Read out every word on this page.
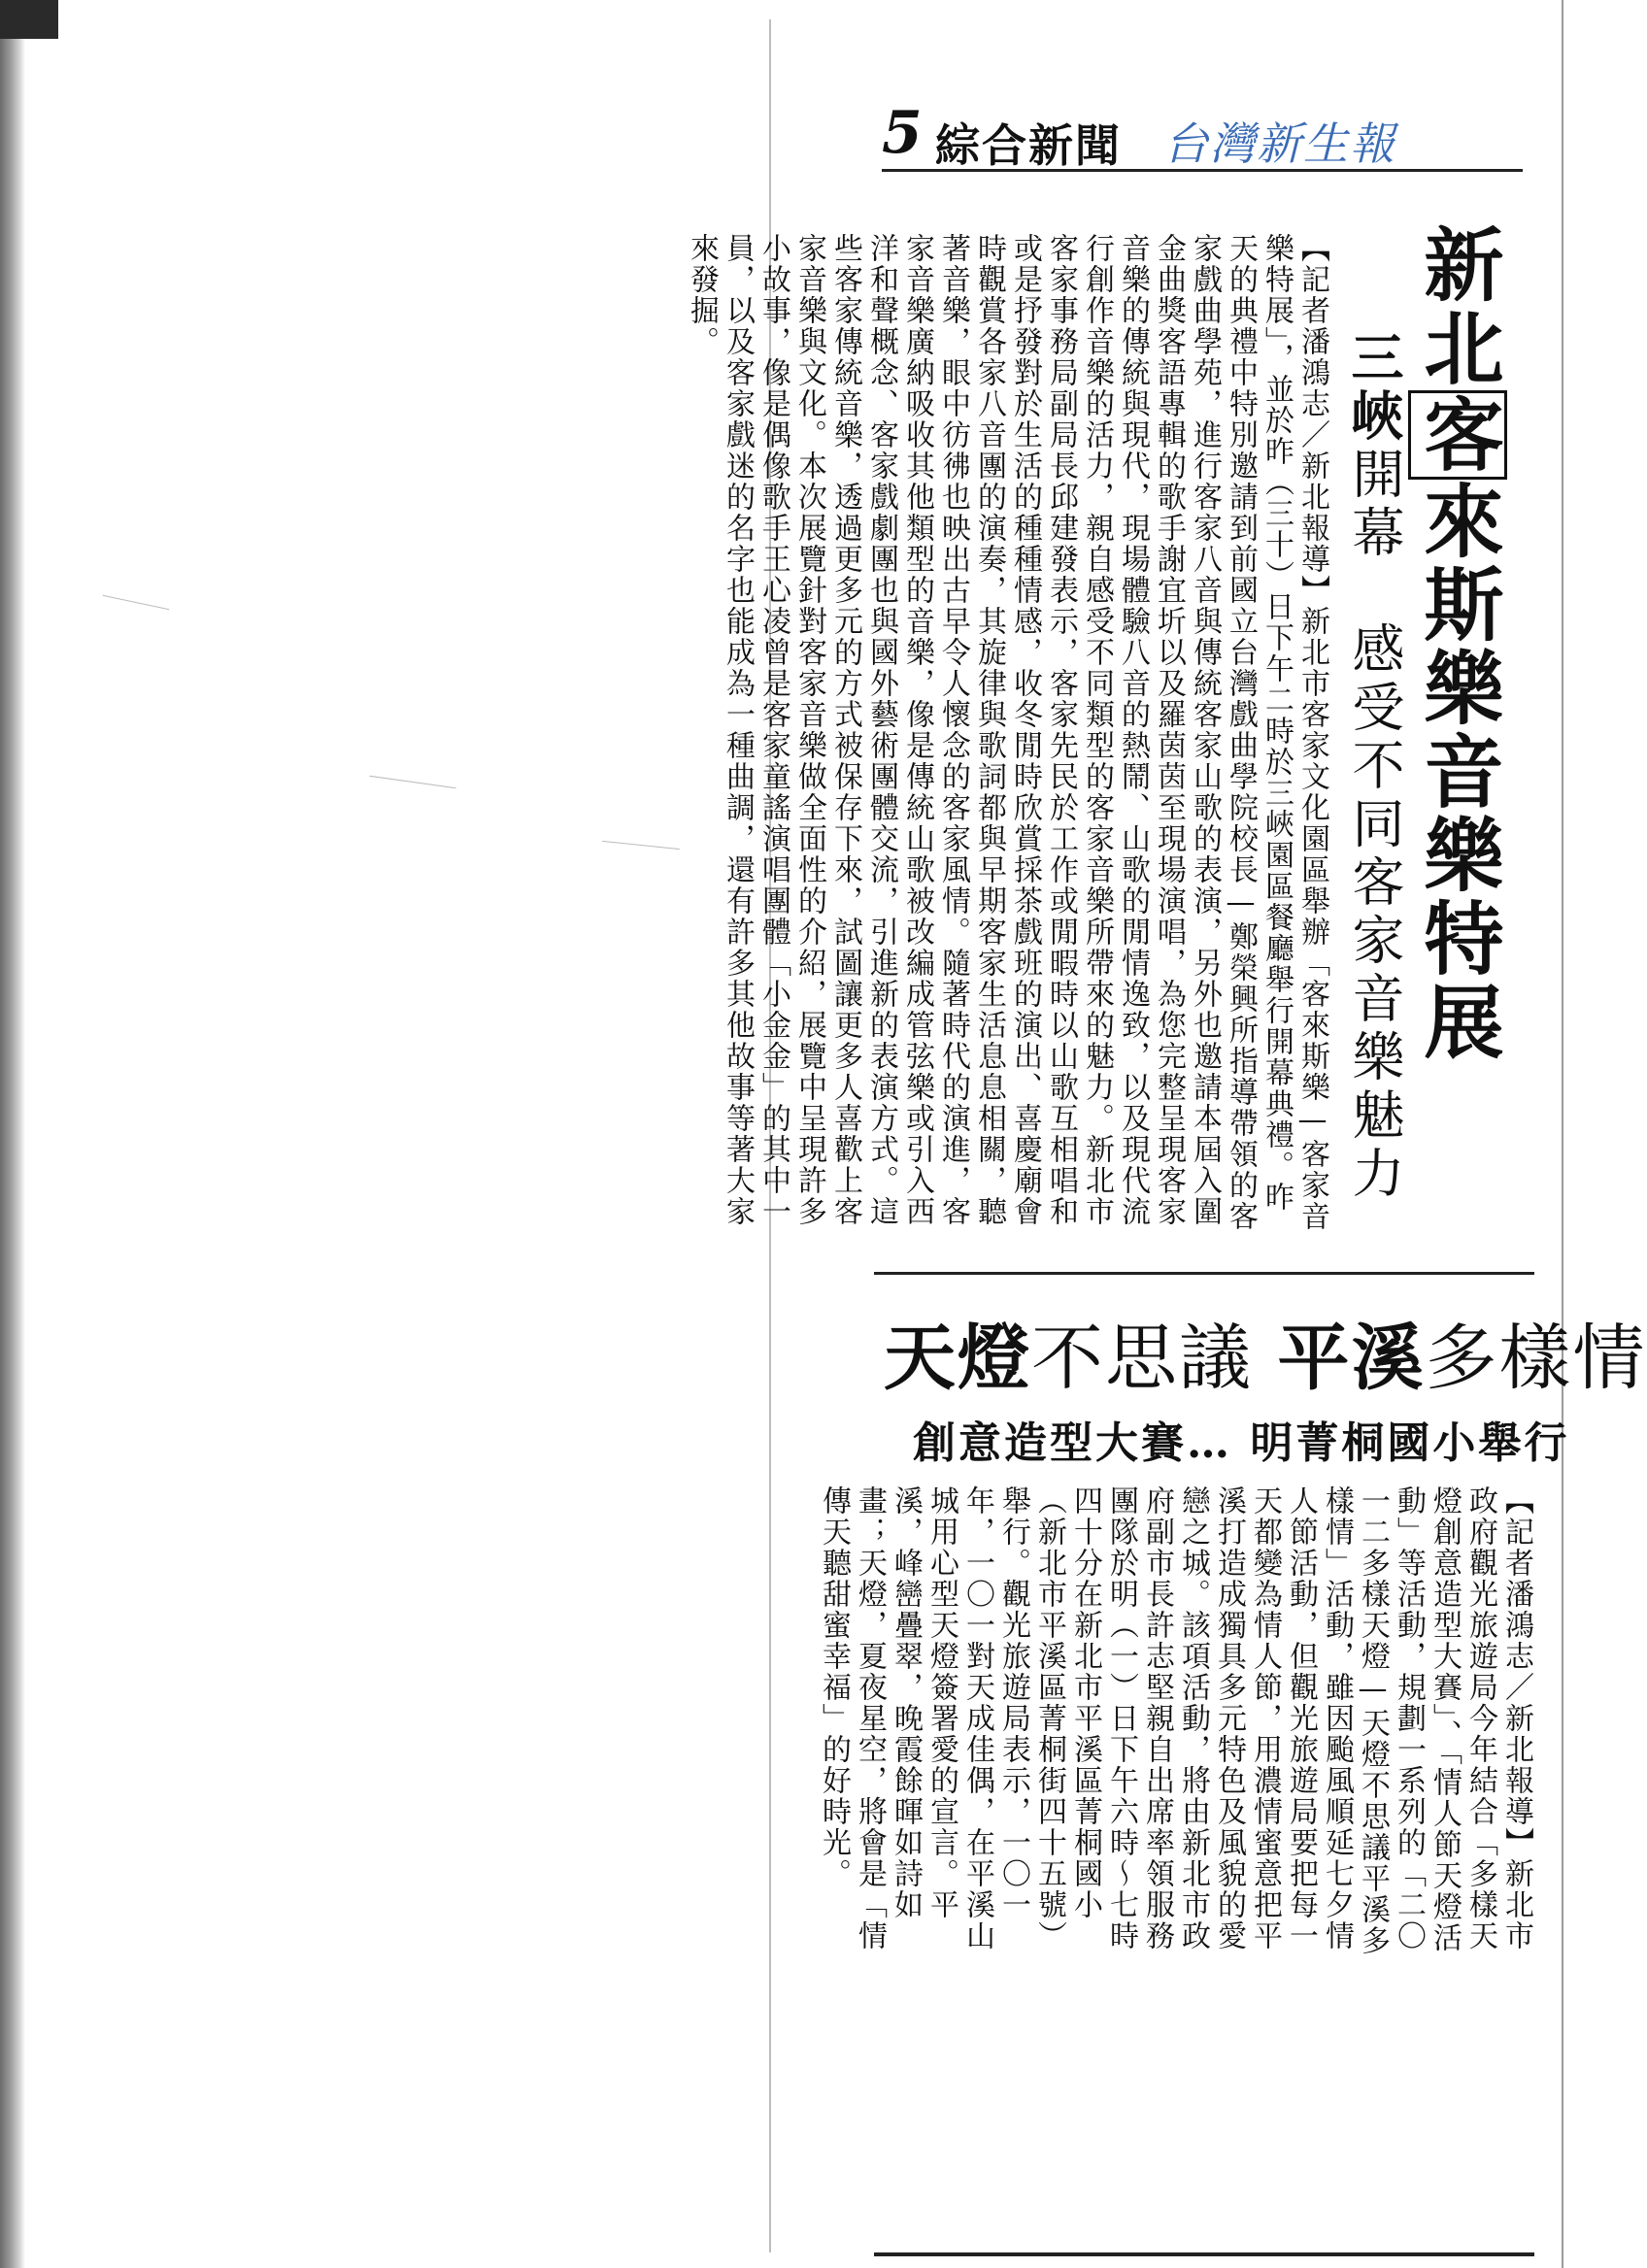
5 綜合新聞 台灣新生報
新北客來斯樂音樂特展
三峽開幕　感受不同客家音樂魅力
【記者潘鴻志／新北報導】新北市客家文化園區舉辦「客來斯樂—客家音樂特展」，並於昨（三十）日下午二時於三峽園區餐廳舉行開幕典禮。昨天的典禮中特別邀請到前國立台灣戲曲學院校長—鄭榮興所指導帶領的客家戲曲學苑，進行客家八音與傳統客家山歌的表演，另外也邀請本屆入圍金曲獎客語專輯的歌手謝宜圻以及羅茵茵至現場演唱，為您完整呈現客家音樂的傳統與現代，現場體驗八音的熱鬧、山歌的閒情逸致，以及現代流行創作音樂的活力，親自感受不同類型的客家音樂所帶來的魅力。新北市客家事務局副局長邱建發表示，客家先民於工作或閒暇時以山歌互相唱和或是抒發對於生活的種種情感，收冬閒時欣賞採茶戲班的演出、喜慶廟會時觀賞各家八音團的演奏，其旋律與歌詞都與早期客家生活息息相關，聽著音樂，眼中彷彿也映出古早令人懷念的客家風情。隨著時代的演進，客家音樂廣納吸收其他類型的音樂，像是傳統山歌被改編成管弦樂或引入西洋和聲概念、客家戲劇團也與國外藝術團體交流，引進新的表演方式。這些客家傳統音樂，透過更多元的方式被保存下來，試圖讓更多人喜歡上客家音樂與文化。本次展覽針對客家音樂做全面性的介紹，展覽中呈現許多小故事，像是偶像歌手王心凌曾是客家童謠演唱團體「小金金」的其中一員，以及客家戲迷的名字也能成為一種曲調，還有許多其他故事等著大家來發掘。
天燈不思議 平溪多樣情
創意造型大賽… 明菁桐國小舉行
【記者潘鴻志／新北報導】新北市政府觀光旅遊局今年結合「多樣天燈創意造型大賽」、「情人節天燈活動」等活動，規劃一系列的「二〇一二多樣天燈—天燈不思議平溪多樣情」活動，雖因颱風順延七夕情人節活動，但觀光旅遊局要把每一天都變為情人節，用濃情蜜意把平溪打造成獨具多元特色及風貌的愛戀之城。該項活動，將由新北市政府副市長許志堅親自出席率領服務團隊於明（一）日下午六時～七時四十分在新北市平溪區菁桐國小（新北市平溪區菁桐街四十五號）舉行。觀光旅遊局表示，一〇一年，一〇一對天成佳偶，在平溪山城用心型天燈簽署愛的宣言。平溪，峰巒疊翠，晚霞餘暉如詩如畫；天燈，夏夜星空，將會是「情傳天聽甜蜜幸福」的好時光。
